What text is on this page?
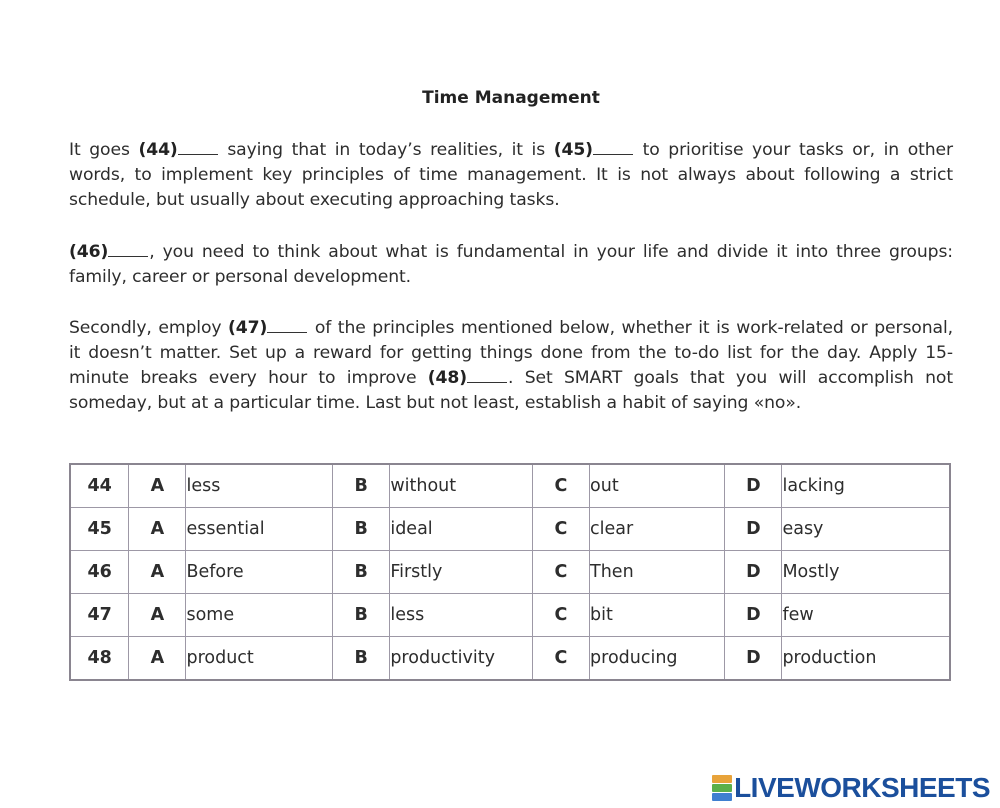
Time Management
It goes (44) saying that in today’s realities, it is (45) to prioritise your tasks or, in other words, to implement key principles of time management. It is not always about following a strict schedule, but usually about executing approaching tasks.
(46) , you need to think about what is fundamental in your life and divide it into three groups: family, career or personal development.
Secondly, employ (47) of the principles mentioned below, whether it is work-related or personal, it doesn’t matter. Set up a reward for getting things done from the to-do list for the day. Apply 15-minute breaks every hour to improve (48) . Set SMART goals that you will accomplish not someday, but at a particular time. Last but not least, establish a habit of saying «no».
44	A	less	B	without	C	out	D	lacking
45	A	essential	B	ideal	C	clear	D	easy
46	A	Before	B	Firstly	C	Then	D	Mostly
47	A	some	B	less	C	bit	D	few
48	A	product	B	productivity	C	producing	D	production
LIVEWORKSHEETS
